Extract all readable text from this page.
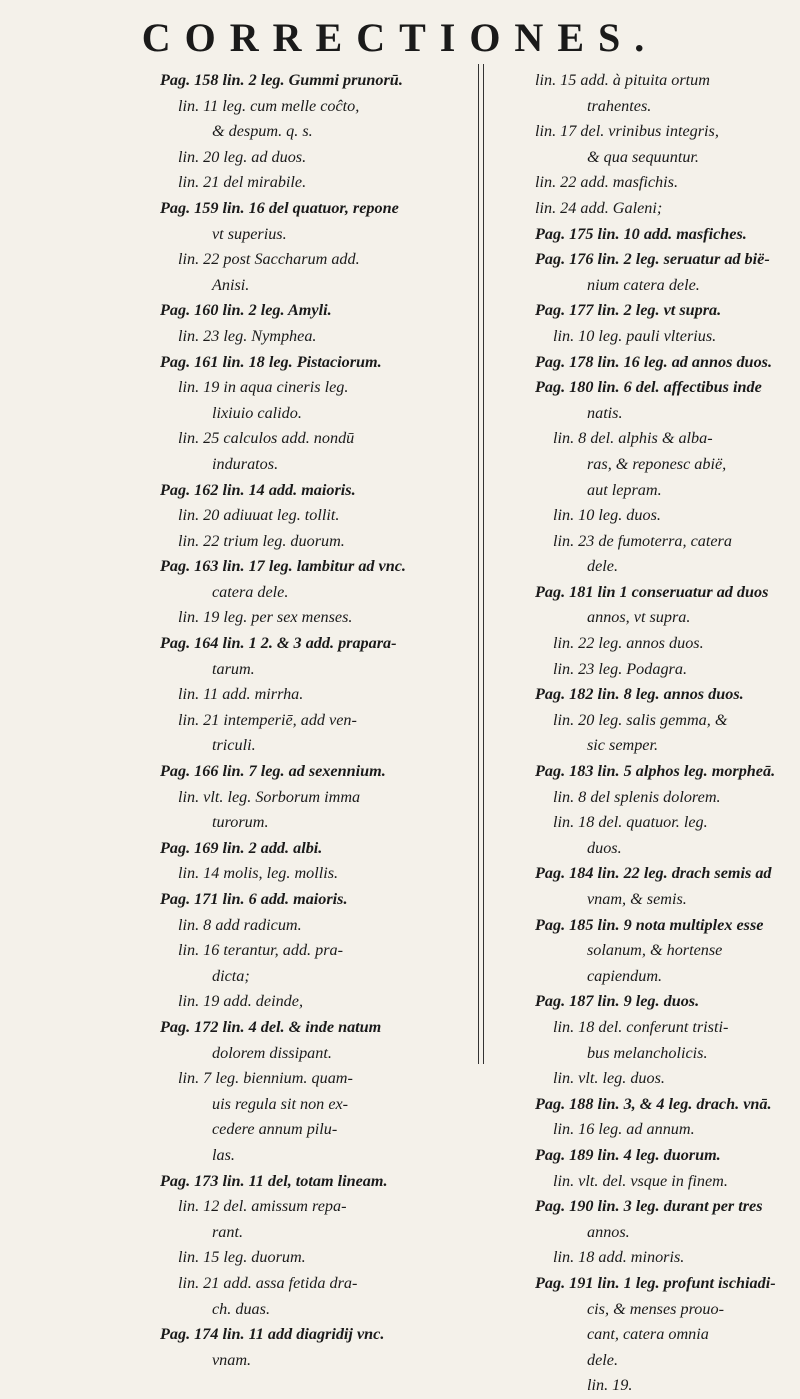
CORRECTIONES.
Pag. 158 lin. 2 leg. Gummi prunorū.
lin. 11 leg. cum melle coĉto,
& despum. q. s.
lin. 20 leg. ad duos.
lin. 21 del mirabile.
Pag. 159 lin. 16 del quatuor, repone
vt superius.
lin. 22 post Saccharum add.
Anisi.
Pag. 160 lin. 2 leg. Amyli.
lin. 23 leg. Nymphea.
Pag. 161 lin. 18 leg. Pistaciorum.
lin. 19 in aqua cineris leg.
lixiuio calido.
lin. 25 calculos add. nondū
induratos.
Pag. 162 lin. 14 add. maioris.
lin. 20 adiuuat leg. tollit.
lin. 22 trium leg. duorum.
Pag. 163 lin. 17 leg. lambitur ad vnc.
catera dele.
lin. 19 leg. per sex menses.
Pag. 164 lin. 1 2. & 3 add. prapara-
tarum.
lin. 11 add. mirrha.
lin. 21 intemperiē, add ven-
triculi.
Pag. 166 lin. 7 leg. ad sexennium.
lin. vlt. leg. Sorborum imma
turorum.
Pag. 169 lin. 2 add. albi.
lin. 14 molis, leg. mollis.
Pag. 171 lin. 6 add. maioris.
lin. 8 add radicum.
lin. 16 terantur, add. pra-
dicta;
lin. 19 add. deinde,
Pag. 172 lin. 4 del. & inde natum
dolorem dissipant.
lin. 7 leg. biennium. quam-
uis regula sit non ex-
cedere annum pilu-
las.
Pag. 173 lin. 11 del, totam lineam.
lin. 12 del. amissum repa-
rant.
lin. 15 leg. duorum.
lin. 21 add. assa fetida dra-
ch. duas.
Pag. 174 lin. 11 add diagridij vnc.
vnam.
lin. 15 add. à pituita ortum
trahentes.
lin. 17 del. vrinibus integris,
& qua sequuntur.
lin. 22 add. masfichis.
lin. 24 add. Galeni;
Pag. 175 lin. 10 add. masfiches.
Pag. 176 lin. 2 leg. seruatur ad bië-
nium catera dele.
Pag. 177 lin. 2 leg. vt supra.
lin. 10 leg. pauli vlterius.
Pag. 178 lin. 16 leg. ad annos duos.
Pag. 180 lin. 6 del. affectibus inde
natis.
lin. 8 del. alphis & alba-
ras, & reponesc abië,
aut lepram.
lin. 10 leg. duos.
lin. 23 de fumoterra, catera
dele.
Pag. 181 lin 1 conseruatur ad duos
annos, vt supra.
lin. 22 leg. annos duos.
lin. 23 leg. Podagra.
Pag. 182 lin. 8 leg. annos duos.
lin. 20 leg. salis gemma, &
sic semper.
Pag. 183 lin. 5 alphos leg. morpheā.
lin. 8 del splenis dolorem.
lin. 18 del. quatuor. leg.
duos.
Pag. 184 lin. 22 leg. drach semis ad
vnam, & semis.
Pag. 185 lin. 9 nota multiplex esse
solanum, & hortense
capiendum.
Pag. 187 lin. 9 leg. duos.
lin. 18 del. conferunt tristi-
bus melancholicis.
lin. vlt. leg. duos.
Pag. 188 lin. 3, & 4 leg. drach. vnā.
lin. 16 leg. ad annum.
Pag. 189 lin. 4 leg. duorum.
lin. vlt. del. vsque in finem.
Pag. 190 lin. 3 leg. durant per tres
annos.
lin. 18 add. minoris.
Pag. 191 lin. 1 leg. profunt ischiadi-
cis, & menses prouo-
cant, catera omnia
dele.
lin. 19.
